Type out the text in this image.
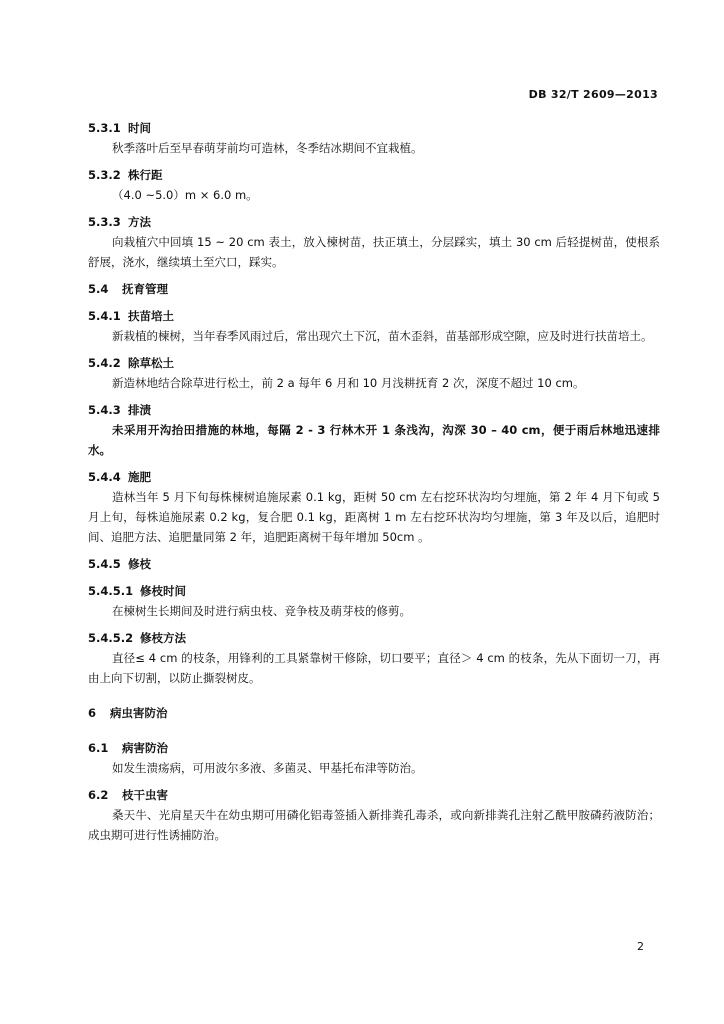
DB 32/T 2609—2013
5.3.1 时间

秋季落叶后至早春萌芽前均可造林，冬季结冰期间不宜栽植。

5.3.2 株行距

（4.0 ~5.0）m × 6.0 m。

5.3.3 方法

向栽植穴中回填 15 ~ 20 cm 表土，放入楝树苗，扶正填土，分层踩实，填土 30 cm 后轻提树苗，使根系舒展，浇水，继续填土至穴口，踩实。

5.4 抚育管理
5.4.1 扶苗培土

新栽植的楝树，当年春季风雨过后，常出现穴土下沉，苗木歪斜，苗基部形成空隙，应及时进行扶苗培土。

5.4.2 除草松土

新造林地结合除草进行松土，前 2 a 每年 6 月和 10 月浅耕抚育 2 次，深度不超过 10 cm。

5.4.3 排渍

未采用开沟抬田措施的林地，每隔 2 - 3 行林木开 1 条浅沟，沟深 30 – 40 cm，便于雨后林地迅速排水。

5.4.4 施肥

造林当年 5 月下旬每株楝树追施尿素 0.1 kg，距树 50 cm 左右挖环状沟均匀埋施，第 2 年 4 月下旬或 5 月上旬，每株追施尿素 0.2 kg，复合肥 0.1 kg，距离树 1 m 左右挖环状沟均匀埋施，第 3 年及以后，追肥时间、追肥方法、追肥量同第 2 年，追肥距离树干每年增加 50cm 。

5.4.5 修枝
5.4.5.1 修枝时间

在楝树生长期间及时进行病虫枝、竞争枝及萌芽枝的修剪。

5.4.5.2 修枝方法

直径≤ 4 cm 的枝条，用锋利的工具紧靠树干修除，切口要平；直径＞ 4 cm 的枝条，先从下面切一刀，再由上向下切割，以防止撕裂树皮。

6 病虫害防治
6.1 病害防治

如发生溃疡病，可用波尔多液、多菌灵、甲基托布津等防治。

6.2 枝干虫害

桑天牛、光肩星天牛在幼虫期可用磷化铝毒签插入新排粪孔毒杀，或向新排粪孔注射乙酰甲胺磷药液防治；成虫期可进行性诱捕防治。

2
